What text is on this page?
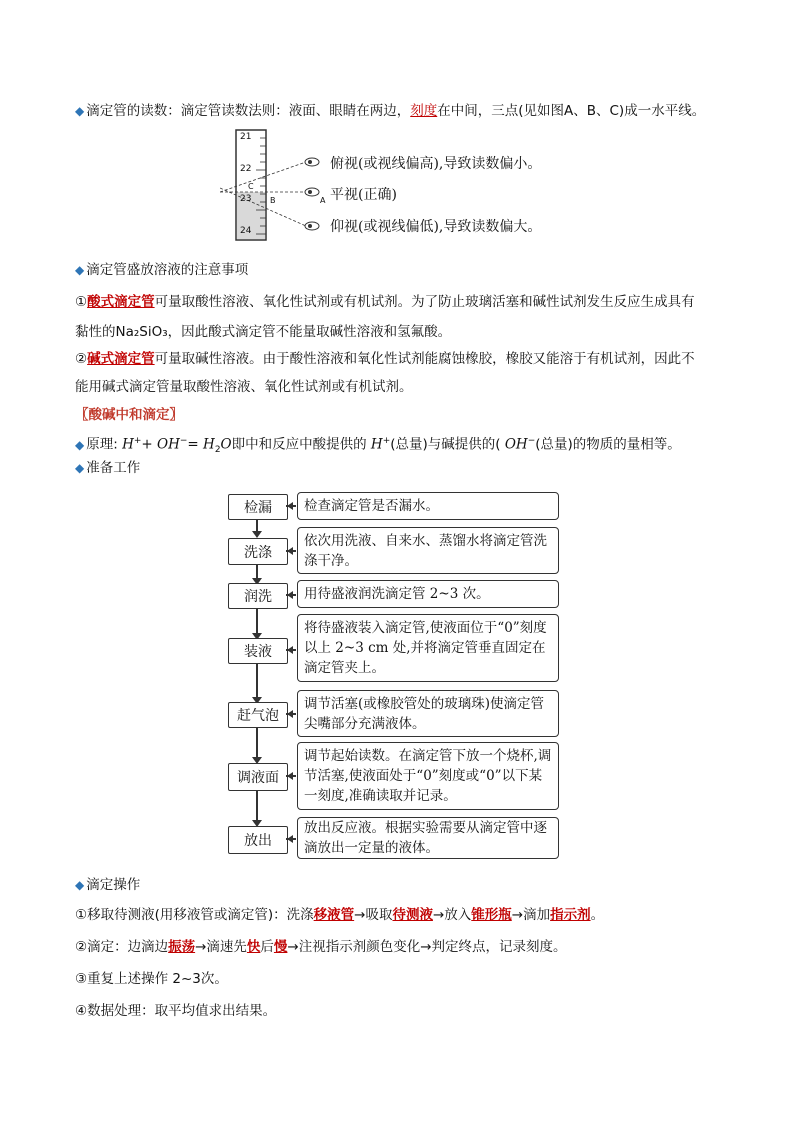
◆ 滴定管的读数：滴定管读数法则：液面、眼睛在两边，刻度在中间，三点(见如图A、B、C)成一水平线。
21
22
23
24
C
A
B
俯视(或视线偏高),导致读数偏小。
平视(正确)
仰视(或视线偏低),导致读数偏大。
◆ 滴定管盛放溶液的注意事项
①酸式滴定管可量取酸性溶液、氧化性试剂或有机试剂。为了防止玻璃活塞和碱性试剂发生反应生成具有
黏性的Na₂SiO₃，因此酸式滴定管不能量取碱性溶液和氢氟酸。
②碱式滴定管可量取碱性溶液。由于酸性溶液和氧化性试剂能腐蚀橡胶，橡胶又能溶于有机试剂，因此不
能用碱式滴定管量取酸性溶液、氧化性试剂或有机试剂。
〖酸碱中和滴定〗
◆ 原理: $H^++ OH^-= H_2O$即中和反应中酸提供的 H+(总量)与碱提供的( OH−(总量)的物质的量相等。
◆ 准备工作
检漏	检查滴定管是否漏水。
洗涤
依次用洗液、自来水、蒸馏水将滴定管洗涤干净。
润洗	用待盛液润洗滴定管 2~3 次。
装液
将待盛液装入滴定管,使液面位于“0”刻度以上 2~3 cm 处,并将滴定管垂直固定在滴定管夹上。
赶气泡
调节活塞(或橡胶管处的玻璃珠)使滴定管尖嘴部分充满液体。
调液面
调节起始读数。在滴定管下放一个烧杯,调节活塞,使液面处于“0”刻度或“0”以下某一刻度,准确读取并记录。
放出
放出反应液。根据实验需要从滴定管中逐滴放出一定量的液体。
◆ 滴定操作
①移取待测液(用移液管或滴定管)：洗涤移液管→吸取待测液→放入锥形瓶→滴加指示剂。
②滴定：边滴边振荡→滴速先快后慢→注视指示剂颜色变化→判定终点，记录刻度。
③重复上述操作 2~3次。
④数据处理：取平均值求出结果。
